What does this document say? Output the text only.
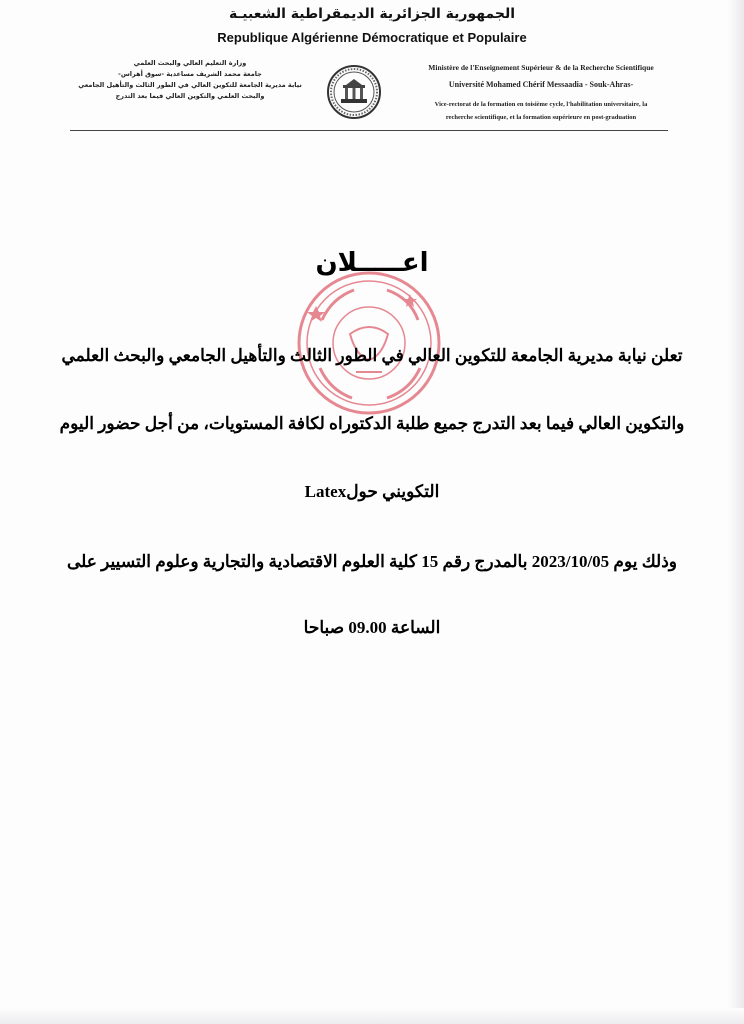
الجمهورية الجزائرية الديمقراطية الشعبيـة
Republique Algérienne Démocratique et Populaire
وزارة التعليم العالي والبحث العلمي
جامعة محمد الشريف مساعدية -سوق أهراس-
نيابة مديرية الجامعة للتكوين العالي في الطور الثالث والتأهيل الجامعي
والبحث العلمي والتكوين العالي فيما بعد التدرج
Ministère de l'Enseignement Supérieur & de la Recherche Scientifique
Université Mohamed Chérif Messaadia - Souk-Ahras-
Vice-rectorat de la formation en toisième cycle, l'habilitation universitaire, la
recherche scientifique, et la formation supérieure en post-graduation
اعـــــلان
تعلن نيابة مديرية الجامعة للتكوين العالي في الطور الثالث والتأهيل الجامعي والبحث العلمي
والتكوين العالي فيما بعد التدرج جميع طلبة الدكتوراه لكافة المستويات، من أجل حضور اليوم
التكويني حولLatex
وذلك يوم 2023/10/05 بالمدرج رقم 15 كلية العلوم الاقتصادية والتجارية وعلوم التسيير على
الساعة 09.00 صباحا
